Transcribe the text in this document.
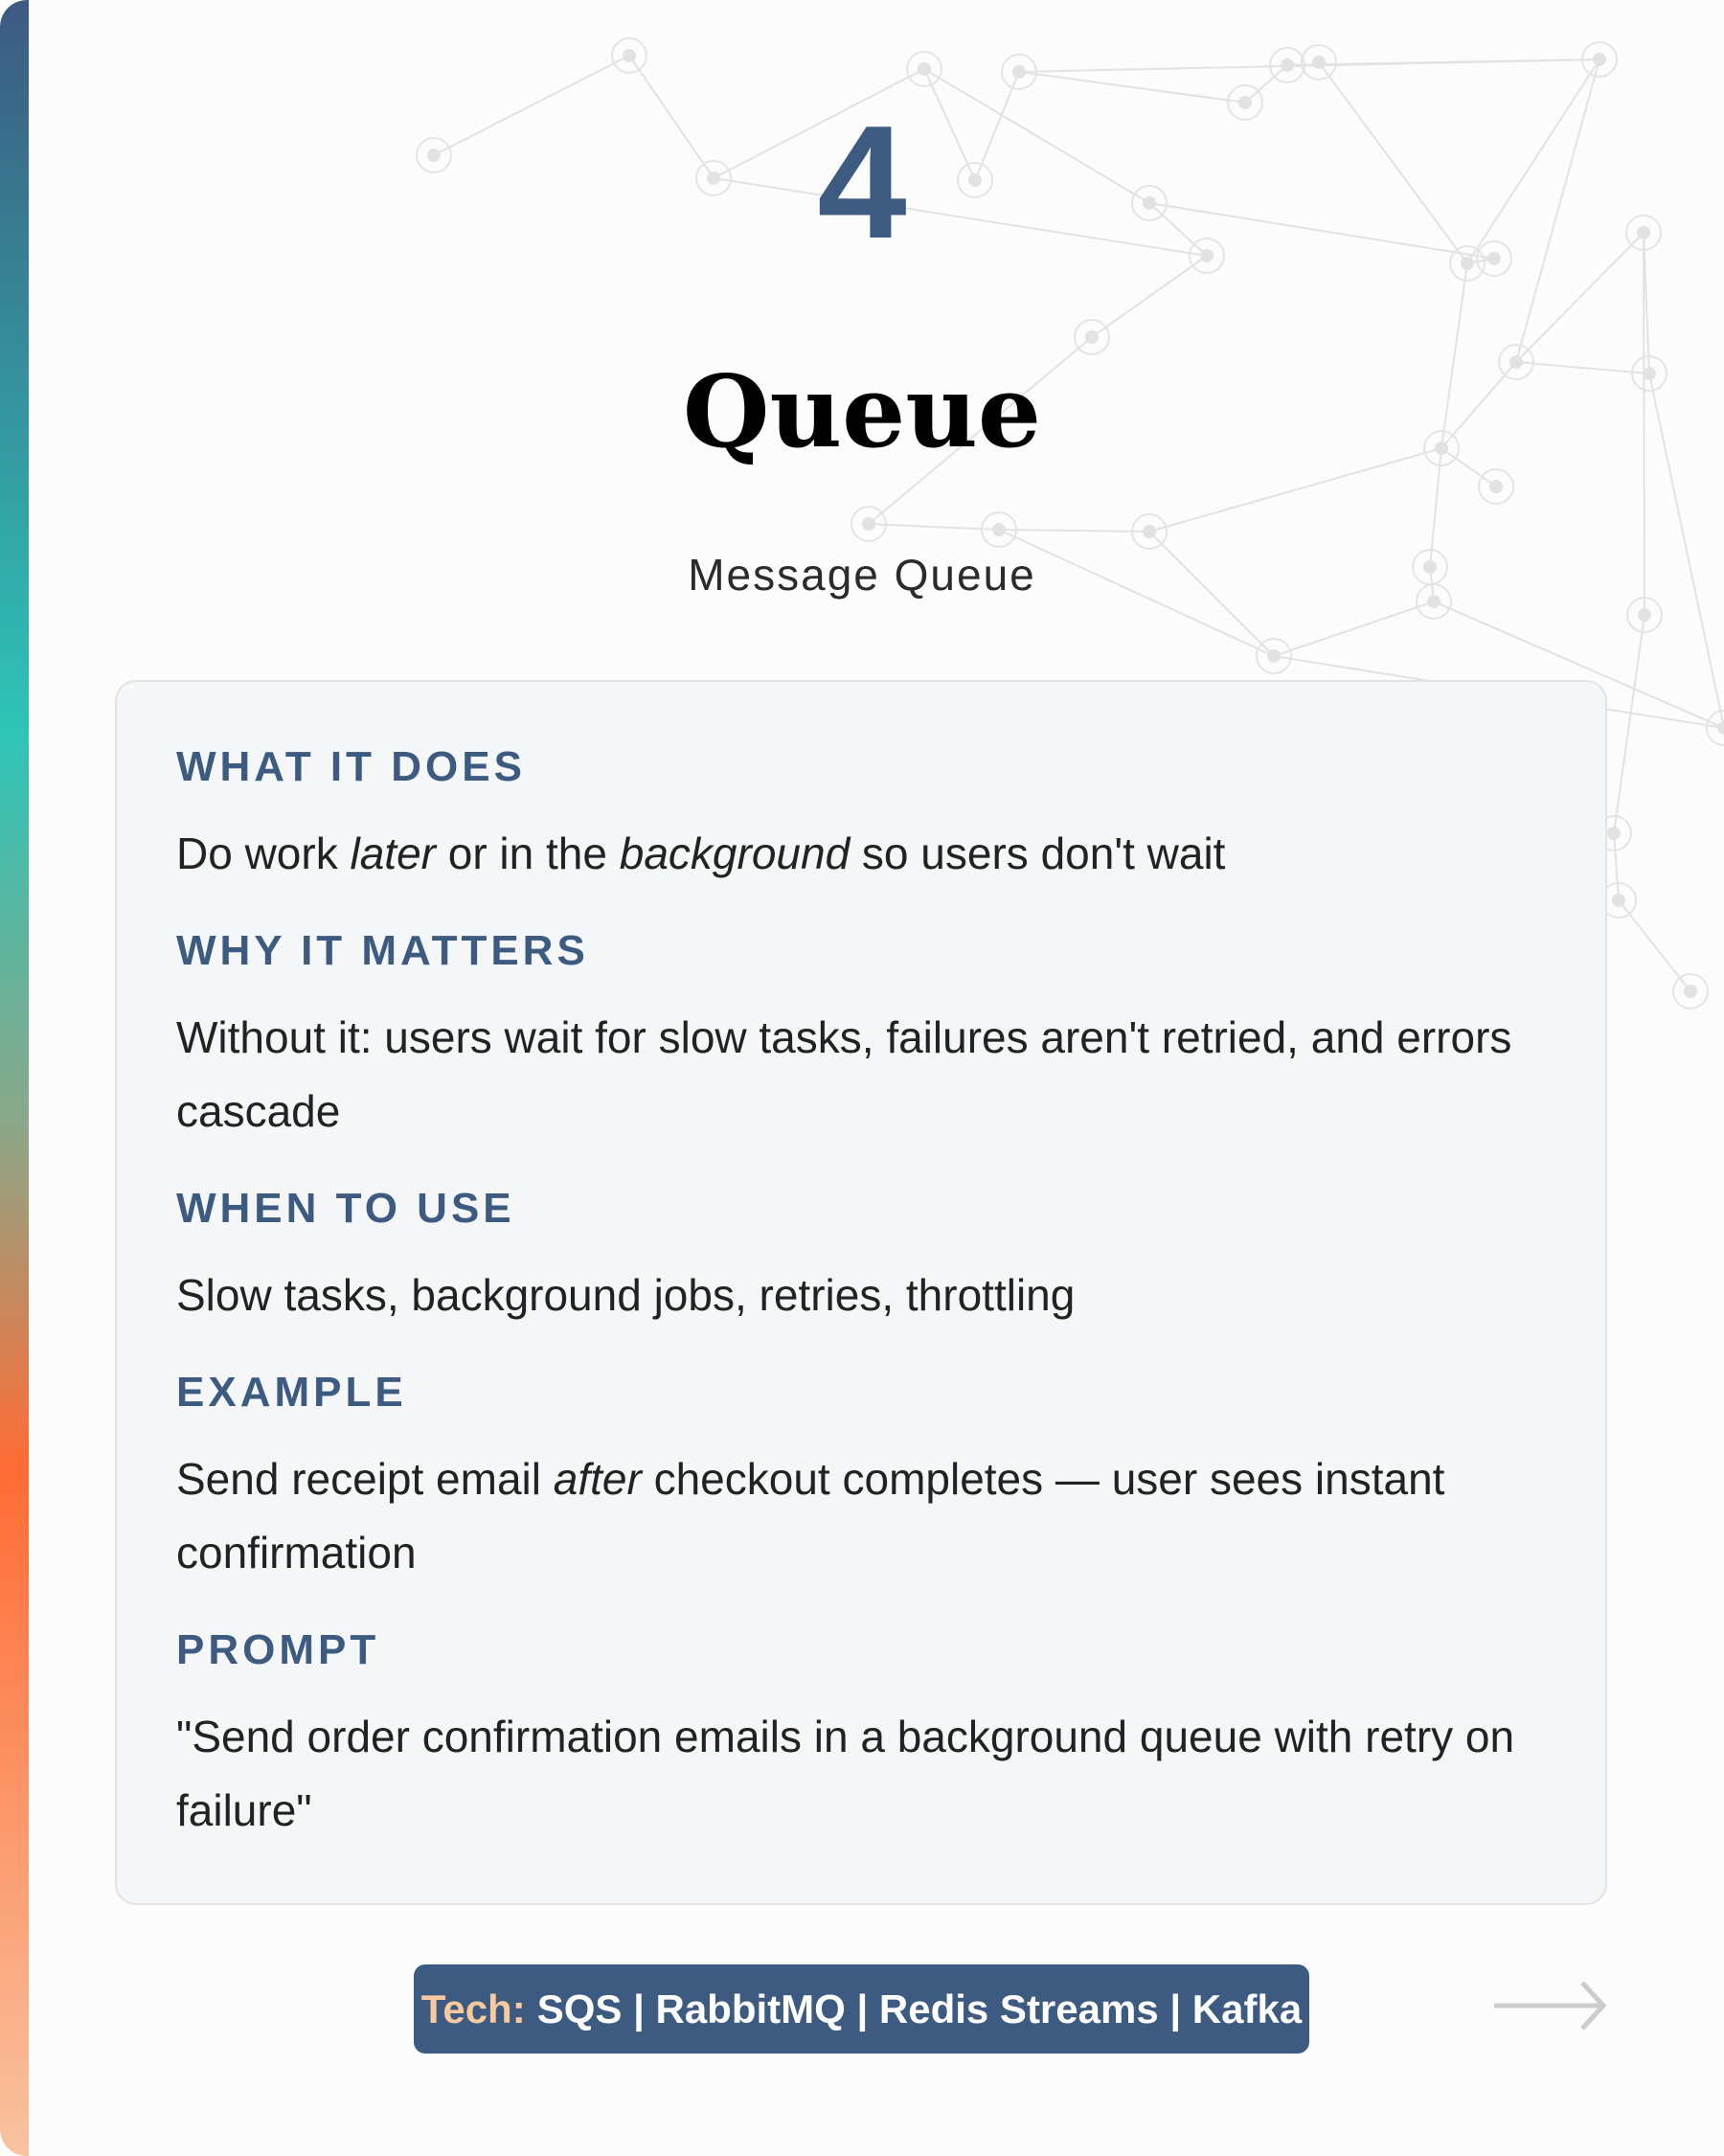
4
Queue
Message Queue
WHAT IT DOES
Do work later or in the background so users don't wait
WHY IT MATTERS
Without it: users wait for slow tasks, failures aren't retried, and errors cascade
WHEN TO USE
Slow tasks, background jobs, retries, throttling
EXAMPLE
Send receipt email after checkout completes — user sees instant confirmation
PROMPT
"Send order confirmation emails in a background queue with retry on failure"
Tech: SQS | RabbitMQ | Redis Streams | Kafka
